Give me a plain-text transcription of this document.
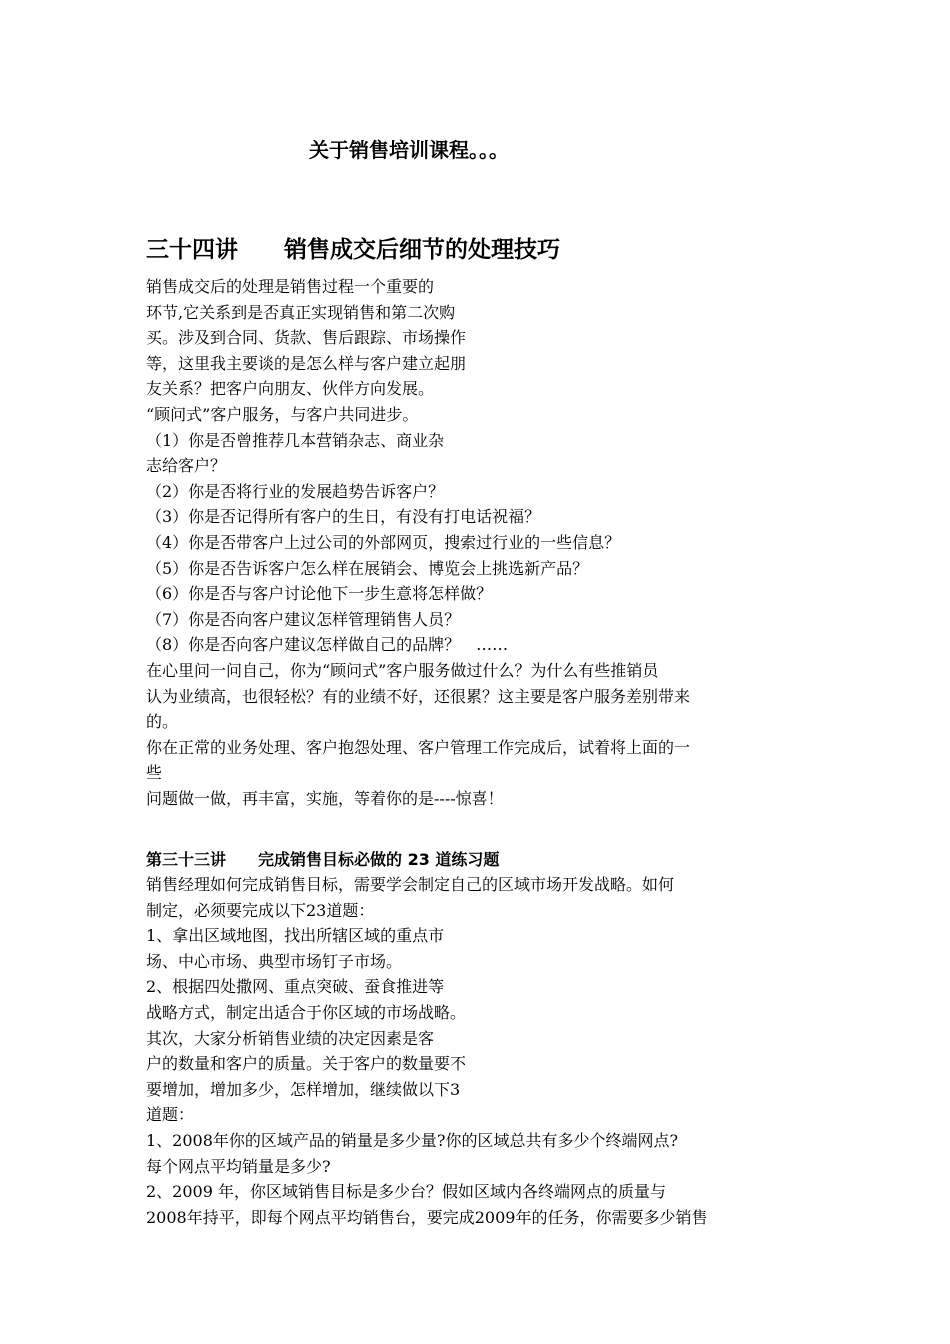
关于销售培训课程。。。
三十四讲　　销售成交后细节的处理技巧
销售成交后的处理是销售过程一个重要的
环节,它关系到是否真正实现销售和第二次购
买。涉及到合同、货款、售后跟踪、市场操作
等，这里我主要谈的是怎么样与客户建立起朋
友关系？把客户向朋友、伙伴方向发展。
“顾问式”客户服务，与客户共同进步。
（1）你是否曾推荐几本营销杂志、商业杂
志给客户？
（2）你是否将行业的发展趋势告诉客户？
（3）你是否记得所有客户的生日，有没有打电话祝福？
（4）你是否带客户上过公司的外部网页，搜索过行业的一些信息？
（5）你是否告诉客户怎么样在展销会、博览会上挑选新产品？
（6）你是否与客户讨论他下一步生意将怎样做？
（7）你是否向客户建议怎样管理销售人员？
（8）你是否向客户建议怎样做自己的品牌？　……
在心里问一问自己，你为“顾问式”客户服务做过什么？为什么有些推销员
认为业绩高，也很轻松？有的业绩不好，还很累？这主要是客户服务差别带来
的。
你在正常的业务处理、客户抱怨处理、客户管理工作完成后，试着将上面的一
些
问题做一做，再丰富，实施，等着你的是----惊喜！
第三十三讲　　完成销售目标必做的 23 道练习题
销售经理如何完成销售目标，需要学会制定自己的区域市场开发战略。如何
制定，必须要完成以下23道题：
1、拿出区域地图，找出所辖区域的重点市
场、中心市场、典型市场钉子市场。
2、根据四处撒网、重点突破、蚕食推进等
战略方式，制定出适合于你区域的市场战略。
其次，大家分析销售业绩的决定因素是客
户的数量和客户的质量。关于客户的数量要不
要增加，增加多少，怎样增加，继续做以下3
道题：
1、2008年你的区域产品的销量是多少量?你的区域总共有多少个终端网点?
每个网点平均销量是多少?
2、2009 年，你区域销售目标是多少台？假如区域内各终端网点的质量与
2008年持平，即每个网点平均销售台，要完成2009年的任务，你需要多少销售
